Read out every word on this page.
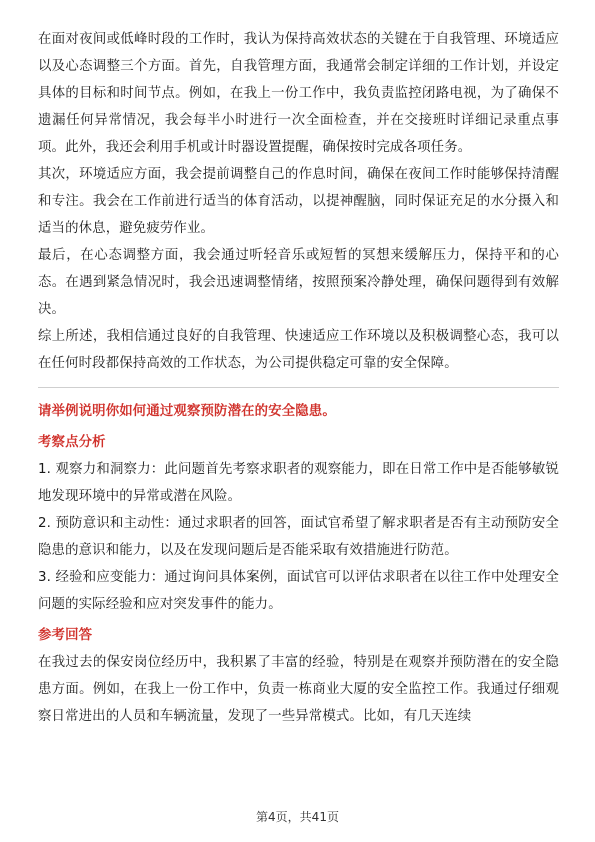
在面对夜间或低峰时段的工作时，我认为保持高效状态的关键在于自我管理、环境适应以及心态调整三个方面。首先，自我管理方面，我通常会制定详细的工作计划，并设定具体的目标和时间节点。例如，在我上一份工作中，我负责监控闭路电视，为了确保不遗漏任何异常情况，我会每半小时进行一次全面检查，并在交接班时详细记录重点事项。此外，我还会利用手机或计时器设置提醒，确保按时完成各项任务。

其次，环境适应方面，我会提前调整自己的作息时间，确保在夜间工作时能够保持清醒和专注。我会在工作前进行适当的体育活动，以提神醒脑，同时保证充足的水分摄入和适当的休息，避免疲劳作业。

最后，在心态调整方面，我会通过听轻音乐或短暂的冥想来缓解压力，保持平和的心态。在遇到紧急情况时，我会迅速调整情绪，按照预案冷静处理，确保问题得到有效解决。

综上所述，我相信通过良好的自我管理、快速适应工作环境以及积极调整心态，我可以在任何时段都保持高效的工作状态，为公司提供稳定可靠的安全保障。

请举例说明你如何通过观察预防潜在的安全隐患。

考察点分析

1. 观察力和洞察力：此问题首先考察求职者的观察能力，即在日常工作中是否能够敏锐地发现环境中的异常或潜在风险。

2. 预防意识和主动性：通过求职者的回答，面试官希望了解求职者是否有主动预防安全隐患的意识和能力，以及在发现问题后是否能采取有效措施进行防范。

3. 经验和应变能力：通过询问具体案例，面试官可以评估求职者在以往工作中处理安全问题的实际经验和应对突发事件的能力。

参考回答

在我过去的保安岗位经历中，我积累了丰富的经验，特别是在观察并预防潜在的安全隐患方面。例如，在我上一份工作中，负责一栋商业大厦的安全监控工作。我通过仔细观察日常进出的人员和车辆流量，发现了一些异常模式。比如，有几天连续

第4页，共41页
